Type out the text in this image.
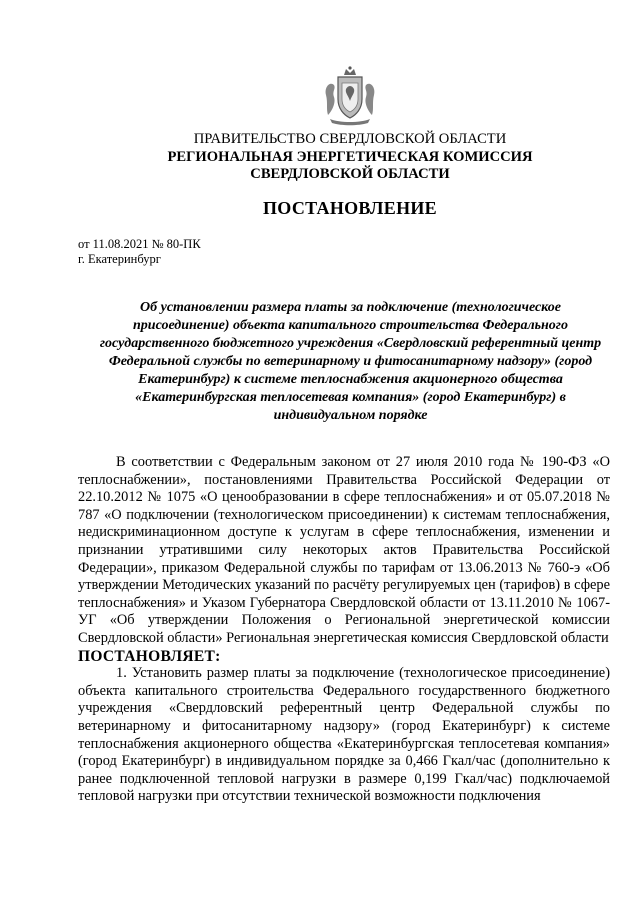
ПРАВИТЕЛЬСТВО СВЕРДЛОВСКОЙ ОБЛАСТИ
РЕГИОНАЛЬНАЯ ЭНЕРГЕТИЧЕСКАЯ КОМИССИЯ
СВЕРДЛОВСКОЙ ОБЛАСТИ
ПОСТАНОВЛЕНИЕ
от 11.08.2021 № 80-ПК
г. Екатеринбург
Об установлении размера платы за подключение (технологическое присоединение) объекта капитального строительства Федерального государственного бюджетного учреждения «Свердловский референтный центр Федеральной службы по ветеринарному и фитосанитарному надзору» (город Екатеринбург) к системе теплоснабжения акционерного общества «Екатеринбургская теплосетевая компания» (город Екатеринбург) в индивидуальном порядке

В соответствии с Федеральным законом от 27 июля 2010 года № 190-ФЗ «О теплоснабжении», постановлениями Правительства Российской Федерации от 22.10.2012 № 1075 «О ценообразовании в сфере теплоснабжения» и от 05.07.2018 № 787 «О подключении (технологическом присоединении) к системам теплоснабжения, недискриминационном доступе к услугам в сфере теплоснабжения, изменении и признании утратившими силу некоторых актов Правительства Российской Федерации», приказом Федеральной службы по тарифам от 13.06.2013 № 760-э «Об утверждении Методических указаний по расчёту регулируемых цен (тарифов) в сфере теплоснабжения» и Указом Губернатора Свердловской области от 13.11.2010 № 1067-УГ «Об утверждении Положения о Региональной энергетической комиссии Свердловской области» Региональная энергетическая комиссия Свердловской области

ПОСТАНОВЛЯЕТ:

1. Установить размер платы за подключение (технологическое присоединение) объекта капитального строительства Федерального государственного бюджетного учреждения «Свердловский референтный центр Федеральной службы по ветеринарному и фитосанитарному надзору» (город Екатеринбург) к системе теплоснабжения акционерного общества «Екатеринбургская теплосетевая компания» (город Екатеринбург) в индивидуальном порядке за 0,466 Гкал/час (дополнительно к ранее подключенной тепловой нагрузки в размере 0,199 Гкал/час) подключаемой тепловой нагрузки при отсутствии технической возможности подключения
